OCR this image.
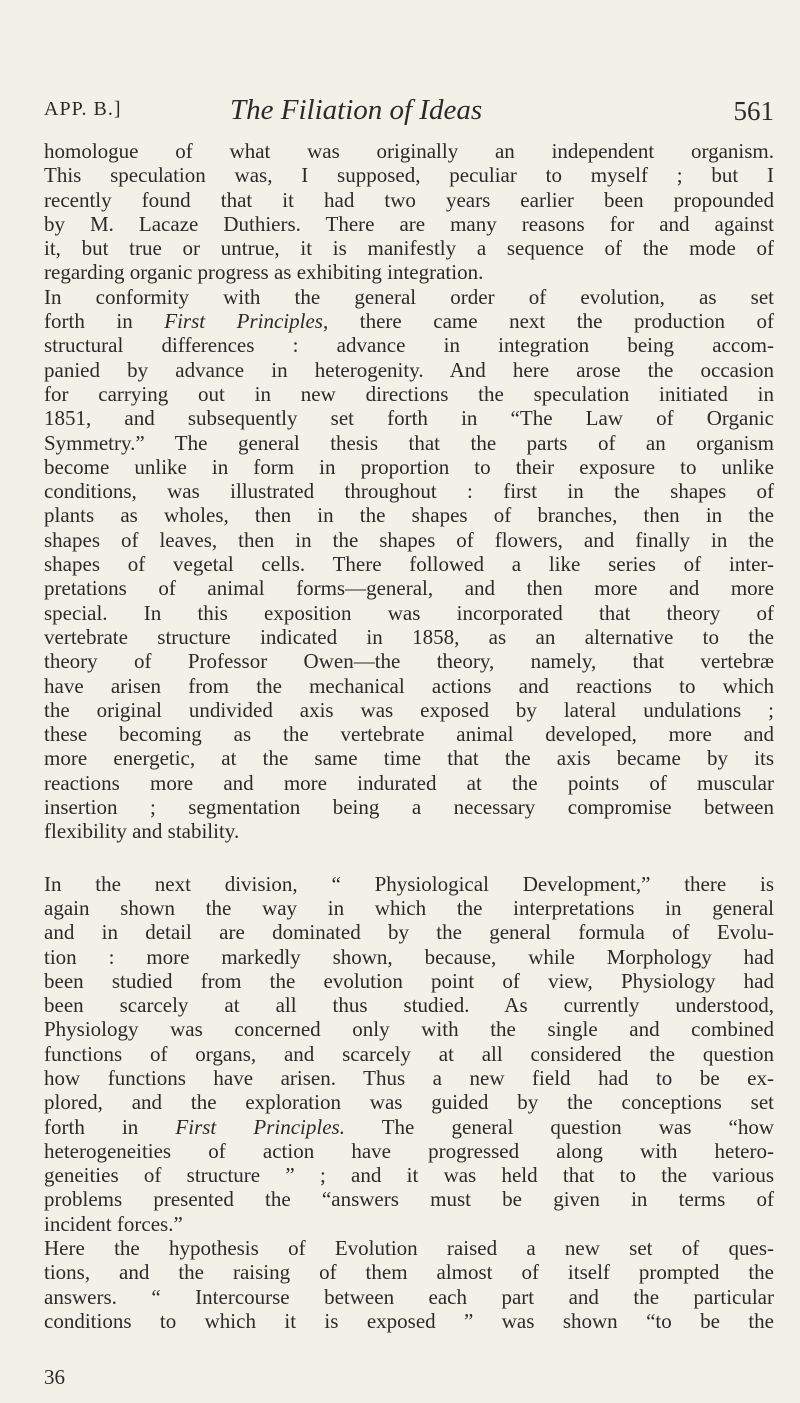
APP. B.]	The Filiation of Ideas	561
homologue of what was originally an independent organism.
This speculation was, I supposed, peculiar to myself ; but I
recently found that it had two years earlier been propounded
by M. Lacaze Duthiers. There are many reasons for and against
it, but true or untrue, it is manifestly a sequence of the mode of
regarding organic progress as exhibiting integration.
In conformity with the general order of evolution, as set
forth in First Principles, there came next the production of
structural differences : advance in integration being accom-
panied by advance in heterogenity. And here arose the occasion
for carrying out in new directions the speculation initiated in
1851, and subsequently set forth in “The Law of Organic
Symmetry.” The general thesis that the parts of an organism
become unlike in form in proportion to their exposure to unlike
conditions, was illustrated throughout : first in the shapes of
plants as wholes, then in the shapes of branches, then in the
shapes of leaves, then in the shapes of flowers, and finally in the
shapes of vegetal cells. There followed a like series of inter-
pretations of animal forms—general, and then more and more
special. In this exposition was incorporated that theory of
vertebrate structure indicated in 1858, as an alternative to the
theory of Professor Owen—the theory, namely, that vertebræ
have arisen from the mechanical actions and reactions to which
the original undivided axis was exposed by lateral undulations ;
these becoming as the vertebrate animal developed, more and
more energetic, at the same time that the axis became by its
reactions more and more indurated at the points of muscular
insertion ; segmentation being a necessary compromise between
flexibility and stability.
In the next division, “ Physiological Development,” there is
again shown the way in which the interpretations in general
and in detail are dominated by the general formula of Evolu-
tion : more markedly shown, because, while Morphology had
been studied from the evolution point of view, Physiology had
been scarcely at all thus studied. As currently understood,
Physiology was concerned only with the single and combined
functions of organs, and scarcely at all considered the question
how functions have arisen. Thus a new field had to be ex-
plored, and the exploration was guided by the conceptions set
forth in First Principles. The general question was “how
heterogeneities of action have progressed along with hetero-
geneities of structure ” ; and it was held that to the various
problems presented the “answers must be given in terms of
incident forces.”
Here the hypothesis of Evolution raised a new set of ques-
tions, and the raising of them almost of itself prompted the
answers. “ Intercourse between each part and the particular
conditions to which it is exposed ” was shown “to be the
36
